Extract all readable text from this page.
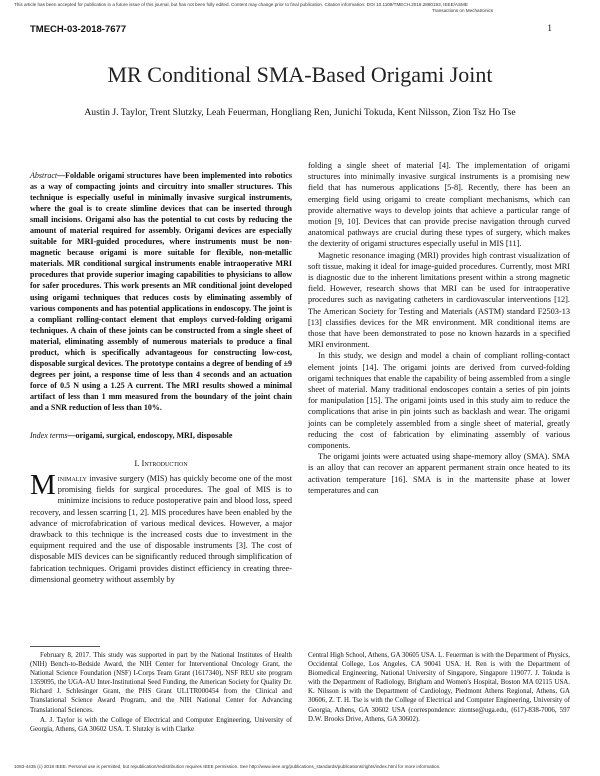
This article has been accepted for publication in a future issue of this journal, but has not been fully edited. Content may change prior to final publication. Citation information: DOI 10.1109/TMECH.2018.2880193, IEEE/ASME
Transactions on Mechatronics
TMECH-03-2018-7677	1
MR Conditional SMA-Based Origami Joint
Austin J. Taylor, Trent Slutzky, Leah Feuerman, Hongliang Ren, Junichi Tokuda, Kent Nilsson, Zion Tsz Ho Tse
Abstract—Foldable origami structures have been implemented into robotics as a way of compacting joints and circuitry into smaller structures. This technique is especially useful in minimally invasive surgical instruments, where the goal is to create slimline devices that can be inserted through small incisions. Origami also has the potential to cut costs by reducing the amount of material required for assembly. Origami devices are especially suitable for MRI-guided procedures, where instruments must be non-magnetic because origami is more suitable for flexible, non-metallic materials. MR conditional surgical instruments enable intraoperative MRI procedures that provide superior imaging capabilities to physicians to allow for safer procedures. This work presents an MR conditional joint developed using origami techniques that reduces costs by eliminating assembly of various components and has potential applications in endoscopy. The joint is a compliant rolling-contact element that employs curved-folding origami techniques. A chain of these joints can be constructed from a single sheet of material, eliminating assembly of numerous materials to produce a final product, which is specifically advantageous for constructing low-cost, disposable surgical devices. The prototype contains a degree of bending of ±9 degrees per joint, a response time of less than 4 seconds and an actuation force of 0.5 N using a 1.25 A current. The MRI results showed a minimal artifact of less than 1 mm measured from the boundary of the joint chain and a SNR reduction of less than 10%.
Index terms—origami, surgical, endoscopy, MRI, disposable
I. Introduction
Minimally invasive surgery (MIS) has quickly become one of the most promising fields for surgical procedures. The goal of MIS is to minimize incisions to reduce postoperative pain and blood loss, speed recovery, and lessen scarring [1, 2]. MIS procedures have been enabled by the advance of microfabrication of various medical devices. However, a major drawback to this technique is the increased costs due to investment in the equipment required and the use of disposable instruments [3]. The cost of disposable MIS devices can be significantly reduced through simplification of fabrication techniques. Origami provides distinct efficiency in creating three-dimensional geometry without assembly by

folding a single sheet of material [4]. The implementation of origami structures into minimally invasive surgical instruments is a promising new field that has numerous applications [5-8]. Recently, there has been an emerging field using origami to create compliant mechanisms, which can provide alternative ways to develop joints that achieve a particular range of motion [9, 10]. Devices that can provide precise navigation through curved anatomical pathways are crucial during these types of surgery, which makes the dexterity of origami structures especially useful in MIS [11].

Magnetic resonance imaging (MRI) provides high contrast visualization of soft tissue, making it ideal for image-guided procedures. Currently, most MRI is diagnostic due to the inherent limitations present within a strong magnetic field. However, research shows that MRI can be used for intraoperative procedures such as navigating catheters in cardiovascular interventions [12]. The American Society for Testing and Materials (ASTM) standard F2503-13 [13] classifies devices for the MR environment. MR conditional items are those that have been demonstrated to pose no known hazards in a specified MRI environment.

In this study, we design and model a chain of compliant rolling-contact element joints [14]. The origami joints are derived from curved-folding origami techniques that enable the capability of being assembled from a single sheet of material. Many traditional endoscopes contain a series of pin joints for manipulation [15]. The origami joints used in this study aim to reduce the complications that arise in pin joints such as backlash and wear. The origami joints can be completely assembled from a single sheet of material, greatly reducing the cost of fabrication by eliminating assembly of various components.

The origami joints were actuated using shape-memory alloy (SMA). SMA is an alloy that can recover an apparent permanent strain once heated to its activation temperature [16]. SMA is in the martensite phase at lower temperatures and can

February 8, 2017. This study was supported in part by the National Institutes of Health (NIH) Bench-to-Bedside Award, the NIH Center for Interventional Oncology Grant, the National Science Foundation (NSF) I-Corps Team Grant (1617340), NSF REU site program 1359095, the UGA-AU Inter-Institutional Seed Funding, the American Society for Quality Dr. Richard J. Schlesinger Grant, the PHS Grant UL1TR000454 from the Clinical and Translational Science Award Program, and the NIH National Center for Advancing Translational Sciences.

A. J. Taylor is with the College of Electrical and Computer Engineering, University of Georgia, Athens, GA 30602 USA. T. Slutzky is with Clarke

Central High School, Athens, GA 30605 USA. L. Feuerman is with the Department of Physics, Occidental College, Los Angeles, CA 90041 USA. H. Ren is with the Department of Biomedical Engineering, National University of Singapore, Singapore 119077. J. Tokuda is with the Department of Radiology, Brigham and Women's Hospital, Boston MA 02115 USA. K. Nilsson is with the Department of Cardiology, Piedmont Athens Regional, Athens, GA 30606, Z. T. H. Tse is with the College of Electrical and Computer Engineering, University of Georgia, Athens, GA 30602 USA (correspondence: ziontse@uga.edu, (617)-838-7006, 597 D.W. Brooks Drive, Athens, GA 30602).

1083-4435 (c) 2018 IEEE. Personal use is permitted, but republication/redistribution requires IEEE permission. See http://www.ieee.org/publications_standards/publications/rights/index.html for more information.
